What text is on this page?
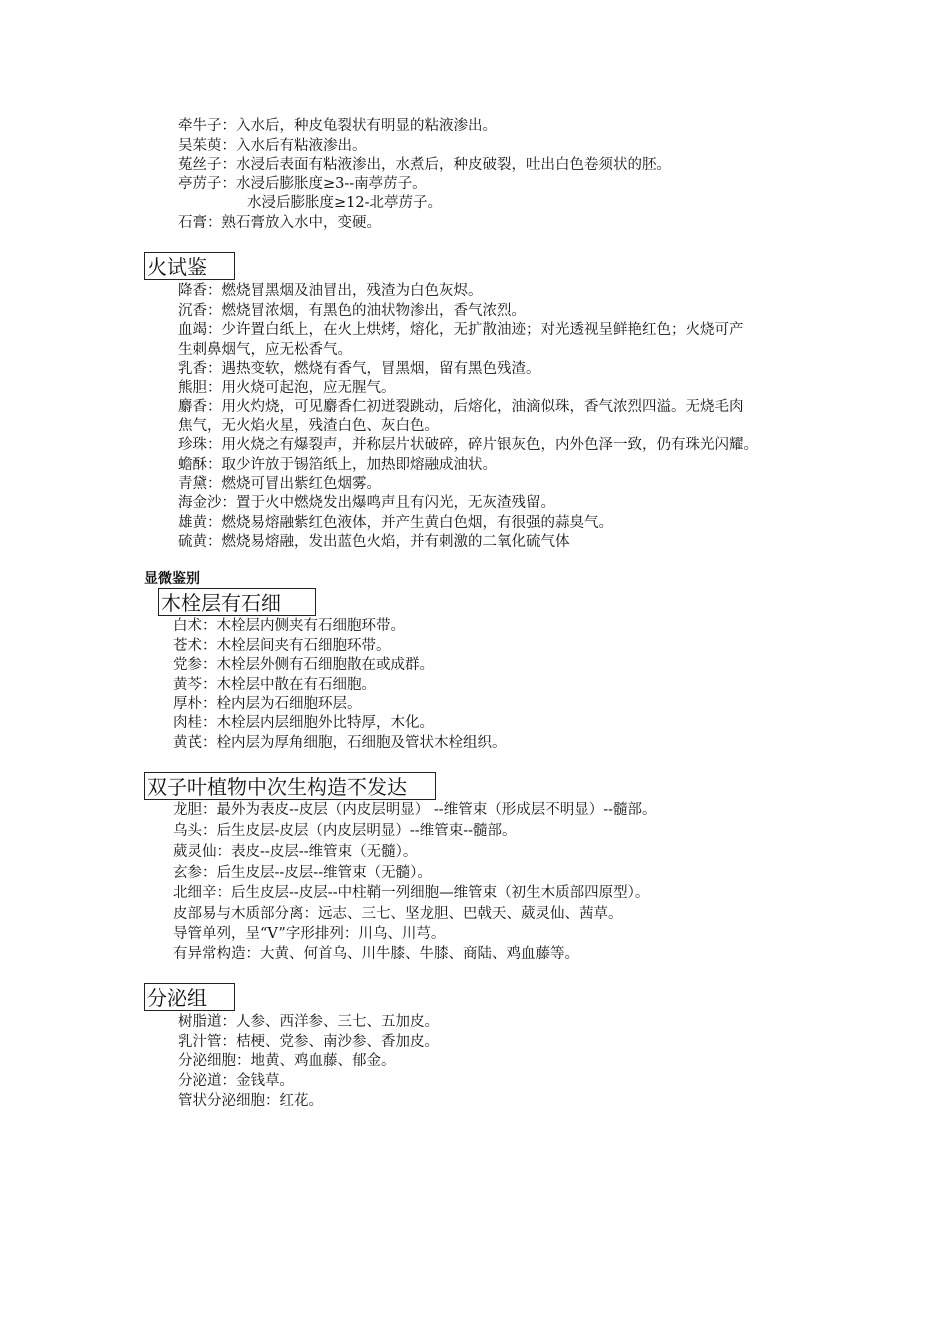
牵牛子：入水后，种皮龟裂状有明显的粘液渗出。
吴茱萸：入水后有粘液渗出。
菟丝子：水浸后表面有粘液渗出，水煮后，种皮破裂，吐出白色卷须状的胚。
亭苈子：水浸后膨胀度≥3--南葶苈子。
水浸后膨胀度≥12-北葶苈子。
石膏：熟石膏放入水中，变硬。
火试鉴
降香：燃烧冒黑烟及油冒出，残渣为白色灰烬。
沉香：燃烧冒浓烟，有黑色的油状物渗出，香气浓烈。
血竭：少许置白纸上，在火上烘烤，熔化，无扩散油迹；对光透视呈鲜艳红色；火烧可产
生刺鼻烟气，应无松香气。
乳香：遇热变软，燃烧有香气，冒黑烟，留有黑色残渣。
熊胆：用火烧可起泡，应无腥气。
麝香：用火灼烧，可见麝香仁初迸裂跳动，后熔化，油滴似珠，香气浓烈四溢。无烧毛肉
焦气，无火焰火星，残渣白色、灰白色。
珍珠：用火烧之有爆裂声，并称层片状破碎，碎片银灰色，内外色泽一致，仍有珠光闪耀。
蟾酥：取少许放于锡箔纸上，加热即熔融成油状。
青黛：燃烧可冒出紫红色烟雾。
海金沙：置于火中燃烧发出爆鸣声且有闪光，无灰渣残留。
雄黄：燃烧易熔融紫红色液体，并产生黄白色烟，有很强的蒜臭气。
硫黄：燃烧易熔融，发出蓝色火焰，并有刺激的二氧化硫气体
显微鉴别
木栓层有石细
白术：木栓层内侧夹有石细胞环带。
苍术：木栓层间夹有石细胞环带。
党参：木栓层外侧有石细胞散在或成群。
黄芩：木栓层中散在有石细胞。
厚朴：栓内层为石细胞环层。
肉桂：木栓层内层细胞外比特厚，木化。
黄芪：栓内层为厚角细胞，石细胞及管状木栓组织。
双子叶植物中次生构造不发达
龙胆：最外为表皮--皮层（内皮层明显） --维管束（形成层不明显）--髓部。
乌头：后生皮层-皮层（内皮层明显）--维管束--髓部。
葳灵仙：表皮--皮层--维管束（无髓）。
玄参：后生皮层--皮层--维管束（无髓）。
北细辛：后生皮层--皮层--中柱鞘一列细胞—维管束（初生木质部四原型）。
皮部易与木质部分离：远志、三七、坚龙胆、巴戟天、葳灵仙、茜草。
导管单列，呈“V”字形排列：川乌、川芎。
有异常构造：大黄、何首乌、川牛膝、牛膝、商陆、鸡血藤等。
分泌组
树脂道：人参、西洋参、三七、五加皮。
乳汁管：桔梗、党参、南沙参、香加皮。
分泌细胞：地黄、鸡血藤、郁金。
分泌道：金钱草。
管状分泌细胞：红花。
